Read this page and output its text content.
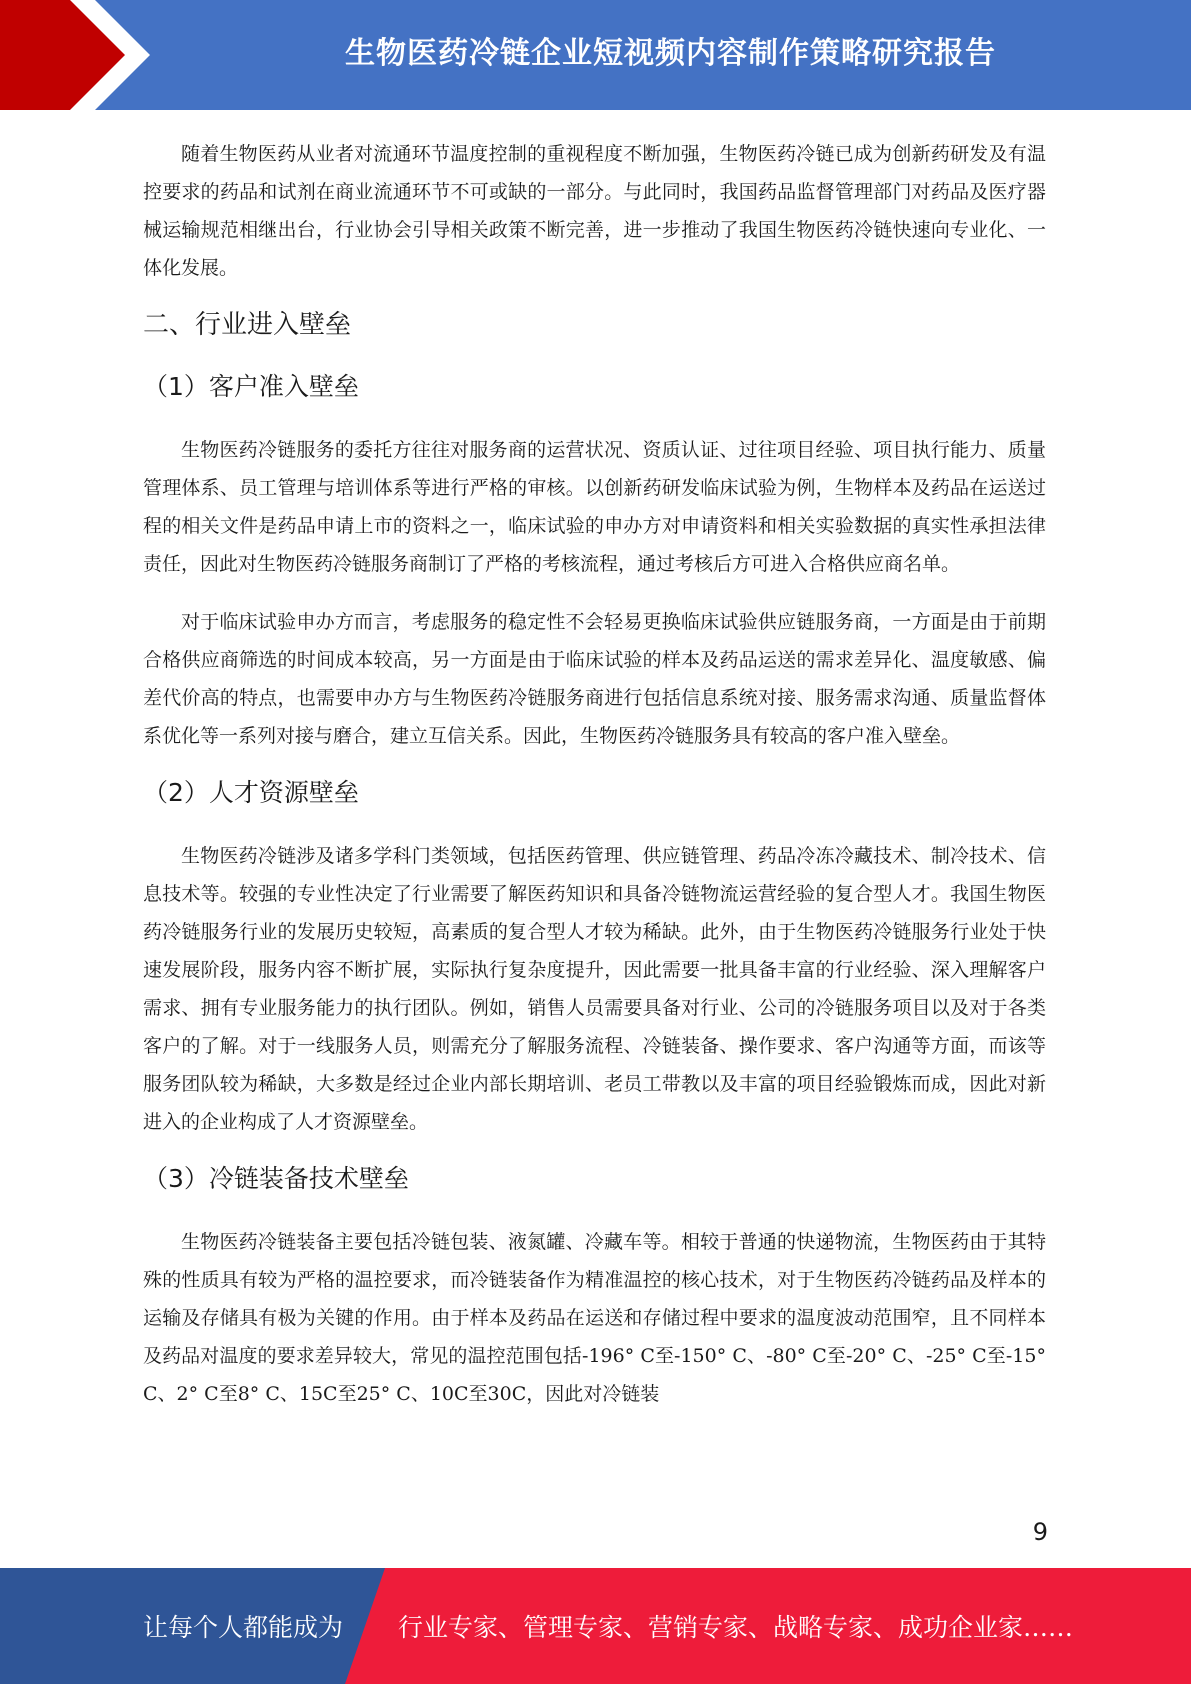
生物医药冷链企业短视频内容制作策略研究报告

随着生物医药从业者对流通环节温度控制的重视程度不断加强，生物医药冷链已成为创新药研发及有温控要求的药品和试剂在商业流通环节不可或缺的一部分。与此同时，我国药品监督管理部门对药品及医疗器械运输规范相继出台，行业协会引导相关政策不断完善，进一步推动了我国生物医药冷链快速向专业化、一体化发展。

二、行业进入壁垒
（1）客户准入壁垒

生物医药冷链服务的委托方往往对服务商的运营状况、资质认证、过往项目经验、项目执行能力、质量管理体系、员工管理与培训体系等进行严格的审核。以创新药研发临床试验为例，生物样本及药品在运送过程的相关文件是药品申请上市的资料之一，临床试验的申办方对申请资料和相关实验数据的真实性承担法律责任，因此对生物医药冷链服务商制订了严格的考核流程，通过考核后方可进入合格供应商名单。

对于临床试验申办方而言，考虑服务的稳定性不会轻易更换临床试验供应链服务商，一方面是由于前期合格供应商筛选的时间成本较高，另一方面是由于临床试验的样本及药品运送的需求差异化、温度敏感、偏差代价高的特点，也需要申办方与生物医药冷链服务商进行包括信息系统对接、服务需求沟通、质量监督体系优化等一系列对接与磨合，建立互信关系。因此，生物医药冷链服务具有较高的客户准入壁垒。

（2）人才资源壁垒

生物医药冷链涉及诸多学科门类领域，包括医药管理、供应链管理、药品冷冻冷藏技术、制冷技术、信息技术等。较强的专业性决定了行业需要了解医药知识和具备冷链物流运营经验的复合型人才。我国生物医药冷链服务行业的发展历史较短，高素质的复合型人才较为稀缺。此外，由于生物医药冷链服务行业处于快速发展阶段，服务内容不断扩展，实际执行复杂度提升，因此需要一批具备丰富的行业经验、深入理解客户需求、拥有专业服务能力的执行团队。例如，销售人员需要具备对行业、公司的冷链服务项目以及对于各类客户的了解。对于一线服务人员，则需充分了解服务流程、冷链装备、操作要求、客户沟通等方面，而该等服务团队较为稀缺，大多数是经过企业内部长期培训、老员工带教以及丰富的项目经验锻炼而成，因此对新进入的企业构成了人才资源壁垒。

（3）冷链装备技术壁垒

生物医药冷链装备主要包括冷链包装、液氮罐、冷藏车等。相较于普通的快递物流，生物医药由于其特殊的性质具有较为严格的温控要求，而冷链装备作为精准温控的核心技术，对于生物医药冷链药品及样本的运输及存储具有极为关键的作用。由于样本及药品在运送和存储过程中要求的温度波动范围窄，且不同样本及药品对温度的要求差异较大，常见的温控范围包括-196° C至-150° C、-80° C至-20° C、-25° C至-15° C、2° C至8° C、15C至25° C、10C至30C，因此对冷链装

9
让每个人都能成为 行业专家、管理专家、营销专家、战略专家、成功企业家……
